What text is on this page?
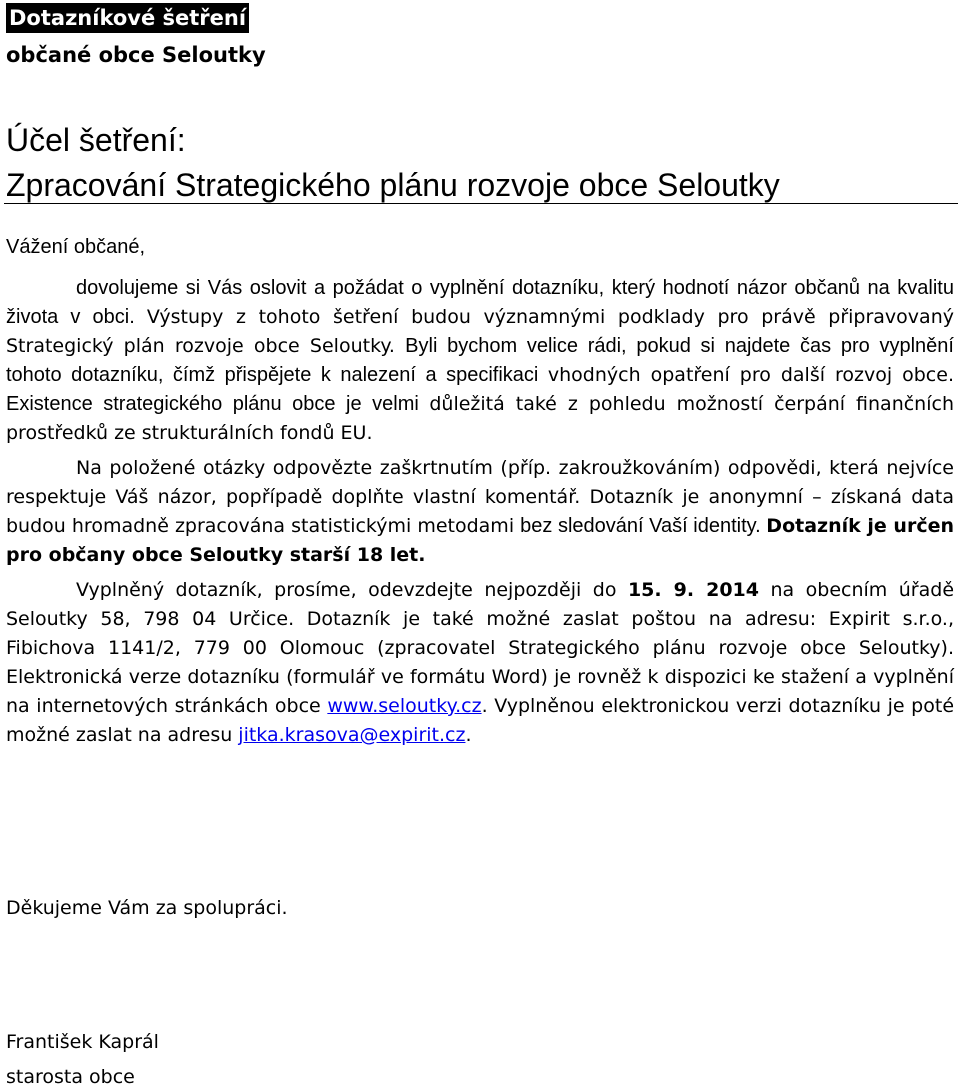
Dotazníkové šetření
občané obce Seloutky
Účel šetření:
Zpracování Strategického plánu rozvoje obce Seloutky
Vážení občané,

dovolujeme si Vás oslovit a požádat o vyplnění dotazníku, který hodnotí názor občanů na kvalitu života v obci. Výstupy z tohoto šetření budou významnými podklady pro právě připravovaný Strategický plán rozvoje obce Seloutky. Byli bychom velice rádi, pokud si najdete čas pro vyplnění tohoto dotazníku, čímž přispějete k nalezení a specifikaci vhodných opatření pro další rozvoj obce. Existence strategického plánu obce je velmi důležitá také z pohledu možností čerpání finančních prostředků ze strukturálních fondů EU.

Na položené otázky odpovězte zaškrtnutím (příp. zakroužkováním) odpovědi, která nejvíce respektuje Váš názor, popřípadě doplňte vlastní komentář. Dotazník je anonymní – získaná data budou hromadně zpracována statistickými metodami bez sledování Vaší identity. Dotazník je určen pro občany obce Seloutky starší 18 let.

Vyplněný dotazník, prosíme, odevzdejte nejpozději do 15. 9. 2014 na obecním úřadě Seloutky 58, 798 04 Určice. Dotazník je také možné zaslat poštou na adresu: Expirit s.r.o., Fibichova 1141/2, 779 00 Olomouc (zpracovatel Strategického plánu rozvoje obce Seloutky). Elektronická verze dotazníku (formulář ve formátu Word) je rovněž k dispozici ke stažení a vyplnění na internetových stránkách obce www.seloutky.cz. Vyplněnou elektronickou verzi dotazníku je poté možné zaslat na adresu jitka.krasova@expirit.cz.

Děkujeme Vám za spolupráci.
František Kaprál
starosta obce
